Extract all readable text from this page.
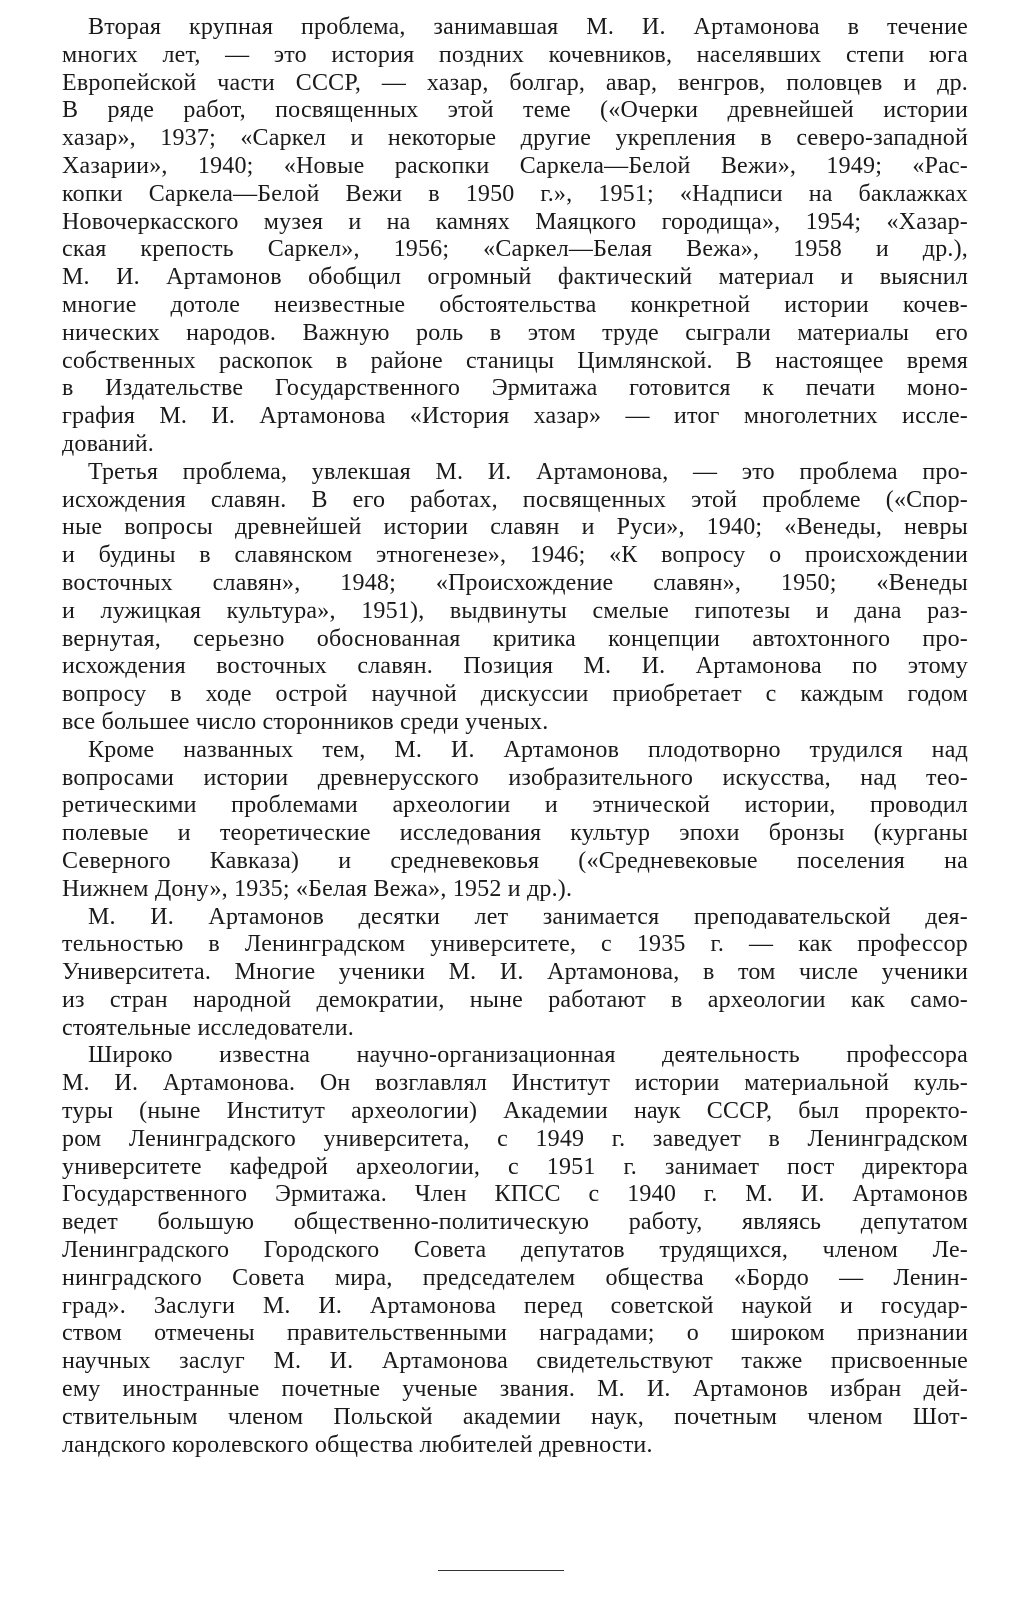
Вторая крупная проблема, занимавшая М. И. Артамонова в течение
многих лет, — это история поздних кочевников, населявших степи юга
Европейской части СССР, — хазар, болгар, авар, венгров, половцев и др.
В ряде работ, посвященных этой теме («Очерки древнейшей истории
хазар», 1937; «Саркел и некоторые другие укрепления в северо-западной
Хазарии», 1940; «Новые раскопки Саркела—Белой Вежи», 1949; «Рас-
копки Саркела—Белой Вежи в 1950 г.», 1951; «Надписи на баклажках
Новочеркасского музея и на камнях Маяцкого городища», 1954; «Хазар-
ская крепость Саркел», 1956; «Саркел—Белая Вежа», 1958 и др.),
М. И. Артамонов обобщил огромный фактический материал и выяснил
многие дотоле неизвестные обстоятельства конкретной истории кочев-
нических народов. Важную роль в этом труде сыграли материалы его
собственных раскопок в районе станицы Цимлянской. В настоящее время
в Издательстве Государственного Эрмитажа готовится к печати моно-
графия М. И. Артамонова «История хазар» — итог многолетних иссле-
дований.
Третья проблема, увлекшая М. И. Артамонова, — это проблема про-
исхождения славян. В его работах, посвященных этой проблеме («Спор-
ные вопросы древнейшей истории славян и Руси», 1940; «Венеды, невры
и будины в славянском этногенезе», 1946; «К вопросу о происхождении
восточных славян», 1948; «Происхождение славян», 1950; «Венеды
и лужицкая культура», 1951), выдвинуты смелые гипотезы и дана раз-
вернутая, серьезно обоснованная критика концепции автохтонного про-
исхождения восточных славян. Позиция М. И. Артамонова по этому
вопросу в ходе острой научной дискуссии приобретает с каждым годом
все большее число сторонников среди ученых.
Кроме названных тем, М. И. Артамонов плодотворно трудился над
вопросами истории древнерусского изобразительного искусства, над тео-
ретическими проблемами археологии и этнической истории, проводил
полевые и теоретические исследования культур эпохи бронзы (курганы
Северного Кавказа) и средневековья («Средневековые поселения на
Нижнем Дону», 1935; «Белая Вежа», 1952 и др.).
М. И. Артамонов десятки лет занимается преподавательской дея-
тельностью в Ленинградском университете, с 1935 г. — как профессор
Университета. Многие ученики М. И. Артамонова, в том числе ученики
из стран народной демократии, ныне работают в археологии как само-
стоятельные исследователи.
Широко известна научно-организационная деятельность профессора
М. И. Артамонова. Он возглавлял Институт истории материальной куль-
туры (ныне Институт археологии) Академии наук СССР, был проректо-
ром Ленинградского университета, с 1949 г. заведует в Ленинградском
университете кафедрой археологии, с 1951 г. занимает пост директора
Государственного Эрмитажа. Член КПСС с 1940 г. М. И. Артамонов
ведет большую общественно-политическую работу, являясь депутатом
Ленинградского Городского Совета депутатов трудящихся, членом Ле-
нинградского Совета мира, председателем общества «Бордо — Ленин-
град». Заслуги М. И. Артамонова перед советской наукой и государ-
ством отмечены правительственными наградами; о широком признании
научных заслуг М. И. Артамонова свидетельствуют также присвоенные
ему иностранные почетные ученые звания. М. И. Артамонов избран дей-
ствительным членом Польской академии наук, почетным членом Шот-
ландского королевского общества любителей древности.
